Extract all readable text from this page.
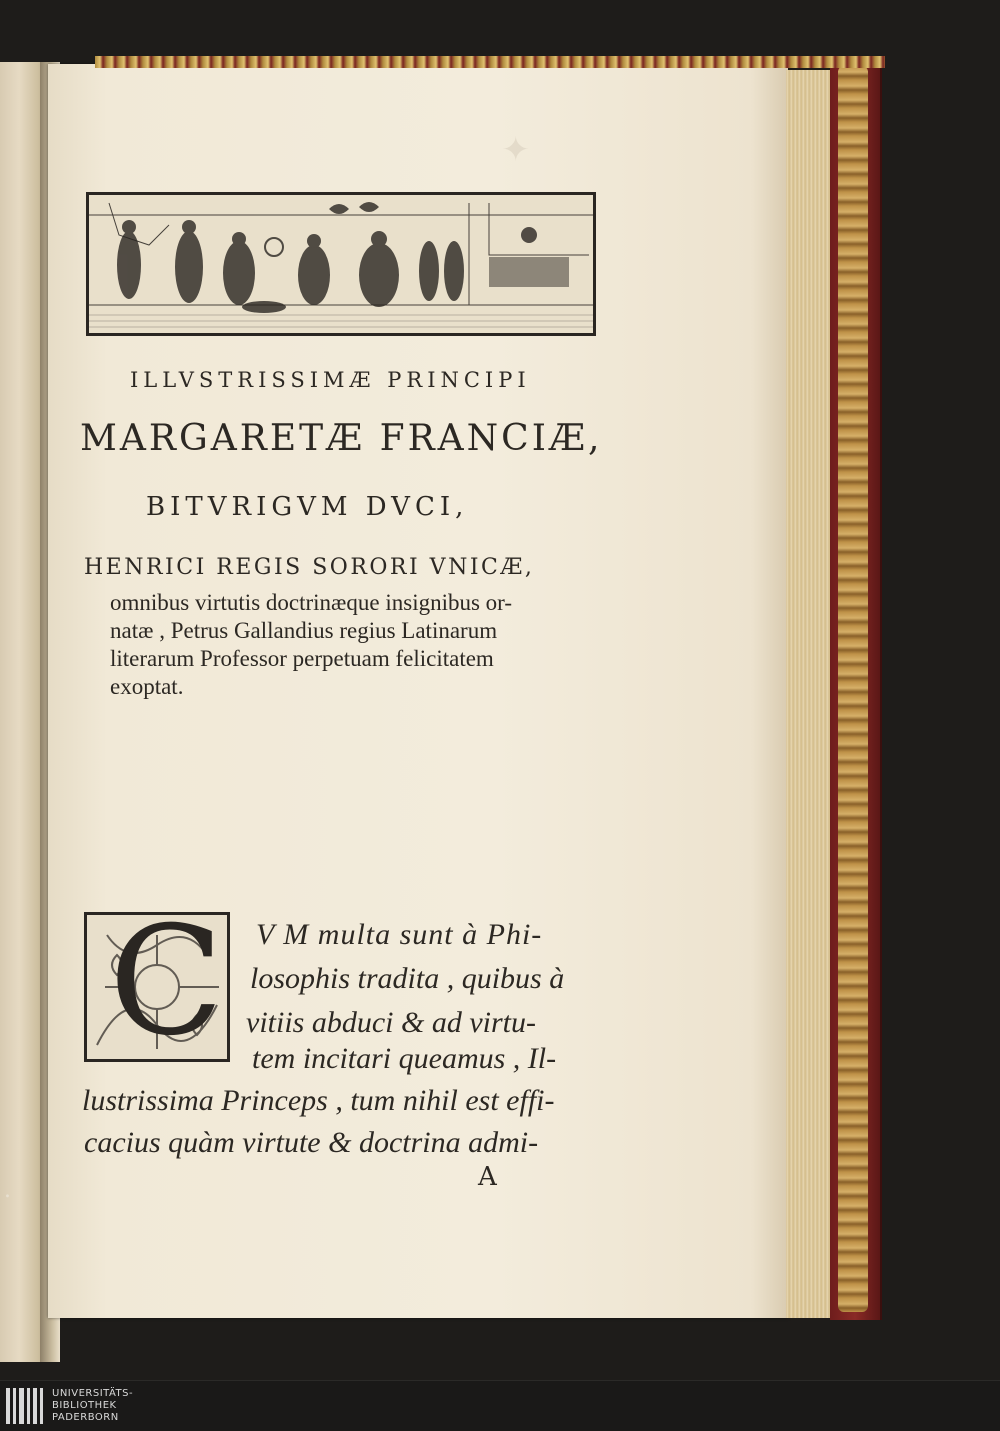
✦
ILLVSTRISSIMÆ PRINCIPI
MARGARETÆ FRANCIÆ,
BITVRIGVM DVCI,
HENRICI REGIS SORORI VNICÆ,
omnibus virtutis doctrinæque insignibus or-
natæ , Petrus Gallandius regius Latinarum
literarum Professor perpetuam felicitatem
exoptat.
C V M multa sunt à Phi-
losophis tradita , quibus à
vitiis abduci & ad virtu-
tem incitari queamus , Il-
lustrissima Princeps , tum nihil est effi-
cacius quàm virtute & doctrina admi-
A
.
UNIVERSITÄTS-
BIBLIOTHEK
PADERBORN
